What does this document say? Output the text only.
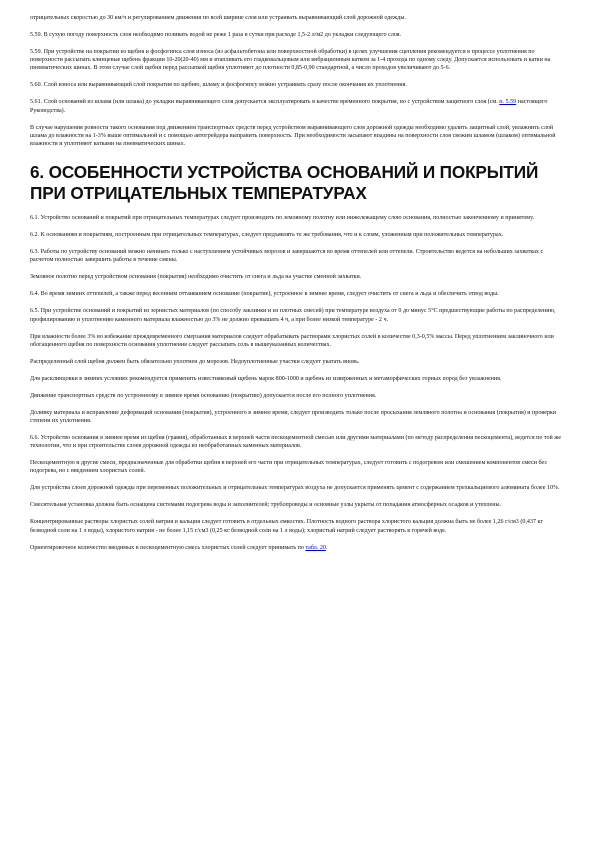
отрицательных скоростью до 30 км/ч и регулированием движения по всей ширине слоя или устраивать выравнивающий слой дорожной одежды.

5.59. В сухую погоду поверхность слоя необходимо поливать водой не реже 1 раза в сутки при расходе 1,5-2 л/м2 до укладки следующего слоя.

5.59. При устройстве на покрытии из щебня и фосфогипса слоя износа (из асфальтобетона или поверхностной обработки) в целях улучшения сцепления рекомендуется в процессе уплотнения по поверхности рассыпать клинцевые щебень фракции 10-20(20-40) мм и втапливать его гладковальцовым или вибрационным катком за 1-4 прохода по одному следу. Допускается использовать и катки на пневматических шинах. В этом случае слой щебня перед рассыпкой щебня уплотняют до плотности 0,85-0,90 стандартной, а число проходов увеличивают до 5-6.

5.60. Слой износа или выравнивающий слой покрытия по щебню, шламу и фосфогипсу можно устраивать сразу после окончания их уплотнения.

5.61. Слой оснований из шлама (или шлака) до укладки выравнивающего слоя допускается эксплуатировать в качестве временного покрытия, но с устройством защитного слоя (см. п. 5.59 настоящего Руководства).

В случае нарушения ровности такого основания под движением транспортных средств перед устройством выравнивающего слоя дорожной одежды необходимо удалить защитный слой, увлажнить слой шлама до влажности на 1-3% выше оптимальной и с помощью автогрейдера выправить поверхность. При необходимости засыпают впадины на поверхности слоя свежим шламом (шлаком) оптимальной влажности и уплотняют катками на пневматических шинах.

6. ОСОБЕННОСТИ УСТРОЙСТВА ОСНОВАНИЙ И ПОКРЫТИЙ ПРИ ОТРИЦАТЕЛЬНЫХ ТЕМПЕРАТУРАХ

6.1. Устройство оснований и покрытий при отрицательных температурах следует производить по земляному полотну или нижележащему слою основания, полностью законченному и принятому.

6.2. К основаниям и покрытиям, построенным при отрицательных температурах, следует предъявлять те же требования, что и к слоям, уложенным при положительных температурах.

6.3. Работы по устройству оснований можно начинать только с наступлением устойчивых морозов и завершаются во время оттепелей или оттепели. Строительство ведется на небольших захватках с расчетом полностью завершить работы в течение смены.

Земляное полотно перед устройством основания (покрытия) необходимо очистить от снега и льда на участке сменной захватки.

6.4. Во время зимних оттепелей, а также перед весенним оттаиванием основание (покрытие), устроенное в зимнее время, следует очистить от снега и льда и обеспечить отвод воды.

6.5. При устройстве оснований и покрытий из зернистых материалов (по способу заклинки и из плотных смесей) при температуре воздуха от 0 до минус 5°С предшествующие работы по распределению, профилированию и уплотнению каменного материала влажностью до 3% не должно превышать 4 ч, а при более низкой температуре - 2 ч.

При влажности более 3% во избежание преждевременного смерзания материалов следует обрабатывать растворами хлористых солей в количестве 0,3-0,5% массы. Перед уплотнением заклиночного или обогащенного щебня по поверхности основания уплотнения следует рассыпать соль в вышеуказанных количествах.

Распределенный слой щебня должен быть обязательно уплотнен до морозов. Недоуплотненные участки следует укатать вновь.

Для расклинцовки в зимних условиях рекомендуется применять известняковый щебень марок 800-1000 и щебень из изверженных и метаморфических горных пород без увлажнения.

Движение транспортных средств по устроенному в зимнее время основанию (покрытию) допускается после его полного уплотнения.

Доливку материала и исправление деформаций основания (покрытия), устроенного в зимнее время, следует производить только после просыхания земляного полотна и основания (покрытия) и проверки степени их уплотнения.

6.6. Устройство основания в зимнее время из щебня (гравия), обработанных в верхней части пескоцементной смесью или другими материалами (по методу распределения пескоцемента), ведется по той же технологии, что и при строительстве слоев дорожной одежды из необработанных каменных материалов.

Пескоцементную и другие смеси, предназначенные для обработки щебня в верхней его части при отрицательных температурах, следует готовить с подогревом или смешением компонентов смеси без подогрева, но с введением хлористых солей.

Для устройства слоев дорожной одежды при переменных положительных и отрицательных температурах воздуха не допускается применять цемент с содержанием трехкальциевого алюмината более 10%.

Смесительная установка должна быть оснащена системами подогрева воды и заполнителей; трубопроводы и основные узлы укрыты от попадания атмосферных осадков и утеплены.

Концентрированные растворы хлористых солей натрия и кальция следует готовить в отдельных емкостях. Плотность водного раствора хлористого кальция должна быть не более 1,26 г/см3 (0,437 кг безводной соли на 1 л воды), хлористого натрия - не более 1,15 г/см3 (0,25 кг безводной соли на 1 л воды); хлористый натрий следует растворять в горячей воде.

Ориентировочное количество вводимых в пескоцементную смесь хлористых солей следует принимать по табл. 20.
